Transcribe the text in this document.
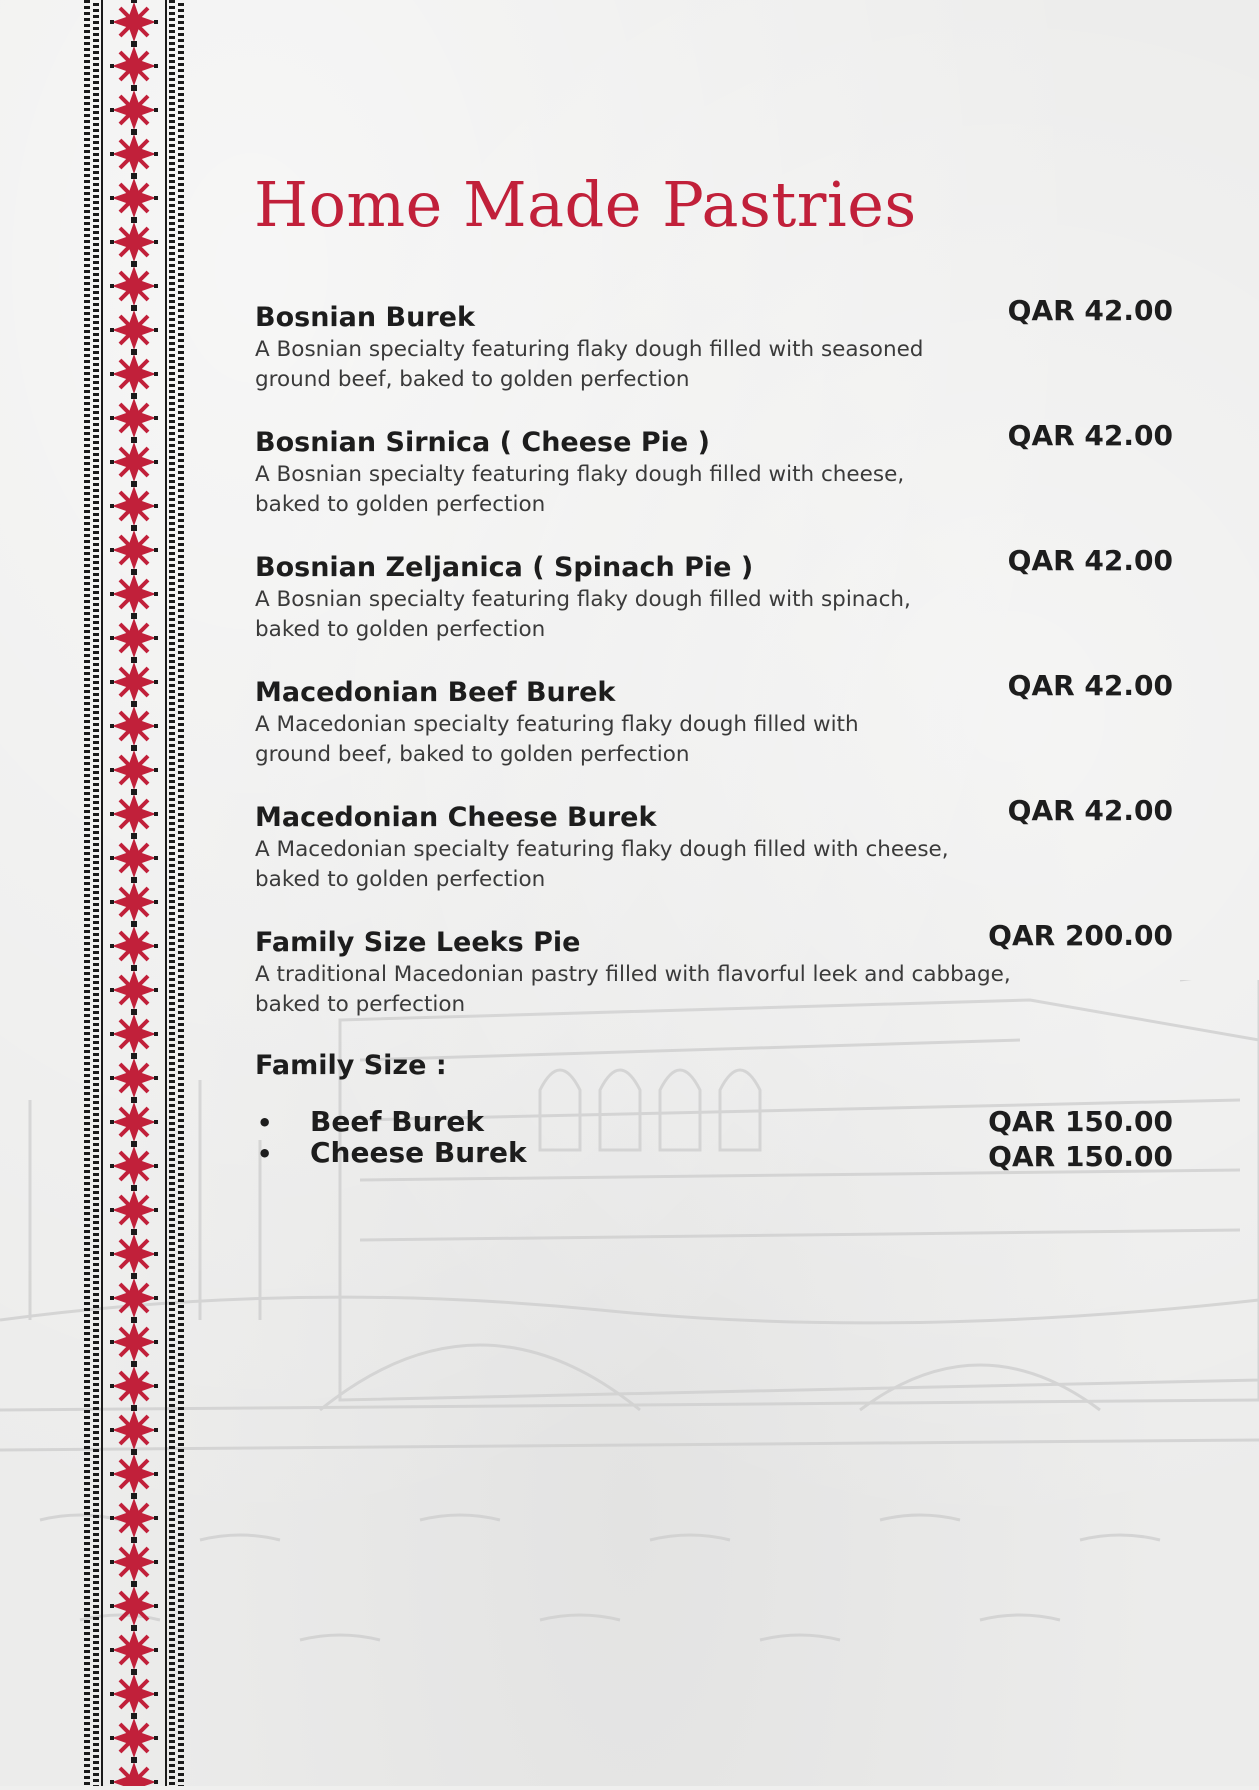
Home Made Pastries
Bosnian Burek	QAR 42.00
A Bosnian specialty featuring flaky dough filled with seasoned
ground beef, baked to golden perfection
Bosnian Sirnica ( Cheese Pie )	QAR 42.00
A Bosnian specialty featuring flaky dough filled with cheese,
baked to golden perfection
Bosnian Zeljanica ( Spinach Pie )	QAR 42.00
A Bosnian specialty featuring flaky dough filled with spinach,
baked to golden perfection
Macedonian Beef Burek	QAR 42.00
A Macedonian specialty featuring flaky dough filled with
ground beef, baked to golden perfection
Macedonian Cheese Burek	QAR 42.00
A Macedonian specialty featuring flaky dough filled with cheese,
baked to golden perfection
Family Size Leeks Pie	QAR 200.00
A traditional Macedonian pastry filled with flavorful leek and cabbage,
baked to perfection
Family Size :
•	Beef Burek	QAR 150.00
•	Cheese Burek	QAR 150.00
